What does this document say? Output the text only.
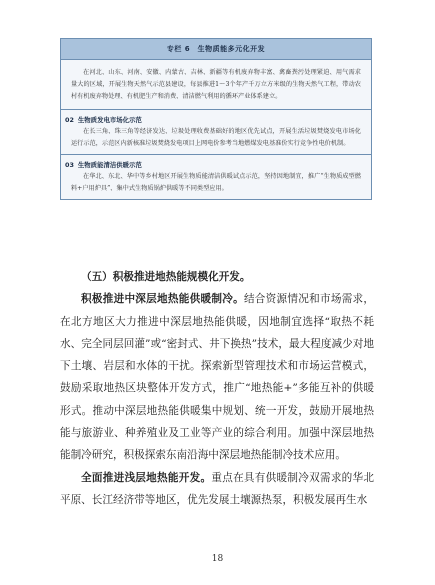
专栏 6　生物质能多元化开发
在河北、山东、河南、安徽、内蒙古、吉林、新疆等有机废弃物丰富、禽畜粪污处理紧迫、用气需求量大的区域，开展生物天然气示范县建设，每县推进1～3个年产千万立方米级的生物天然气工程，带动农村有机废弃物处理、有机肥生产和消费、清洁燃气利用的循环产业体系建立。
02 生物质发电市场化示范
在长三角、珠三角等经济发达、垃圾处理收费基础好的地区优先试点，开展生活垃圾焚烧发电市场化运行示范，示范区内新核准垃圾焚烧发电项目上网电价参考当地燃煤发电基准价实行竞争性电价机制。
03 生物质能清洁供暖示范
在华北、东北、华中等乡村地区开展生物质能清洁供暖试点示范，坚持因地制宜，推广“生物质成型燃料+户用炉具”、集中式生物质锅炉供暖等不同类型应用。

（五）积极推进地热能规模化开发。

积极推进中深层地热能供暖制冷。结合资源情况和市场需求，在北方地区大力推进中深层地热能供暖，因地制宜选择“取热不耗水、完全同层回灌”或“密封式、井下换热”技术，最大程度减少对地下土壤、岩层和水体的干扰。探索新型管理技术和市场运营模式，鼓励采取地热区块整体开发方式，推广“地热能+”多能互补的供暖形式。推动中深层地热能供暖集中规划、统一开发，鼓励开展地热能与旅游业、种养殖业及工业等产业的综合利用。加强中深层地热能制冷研究，积极探索东南沿海中深层地热能制冷技术应用。

全面推进浅层地热能开发。重点在具有供暖制冷双需求的华北平原、长江经济带等地区，优先发展土壤源热泵，积极发展再生水

18
